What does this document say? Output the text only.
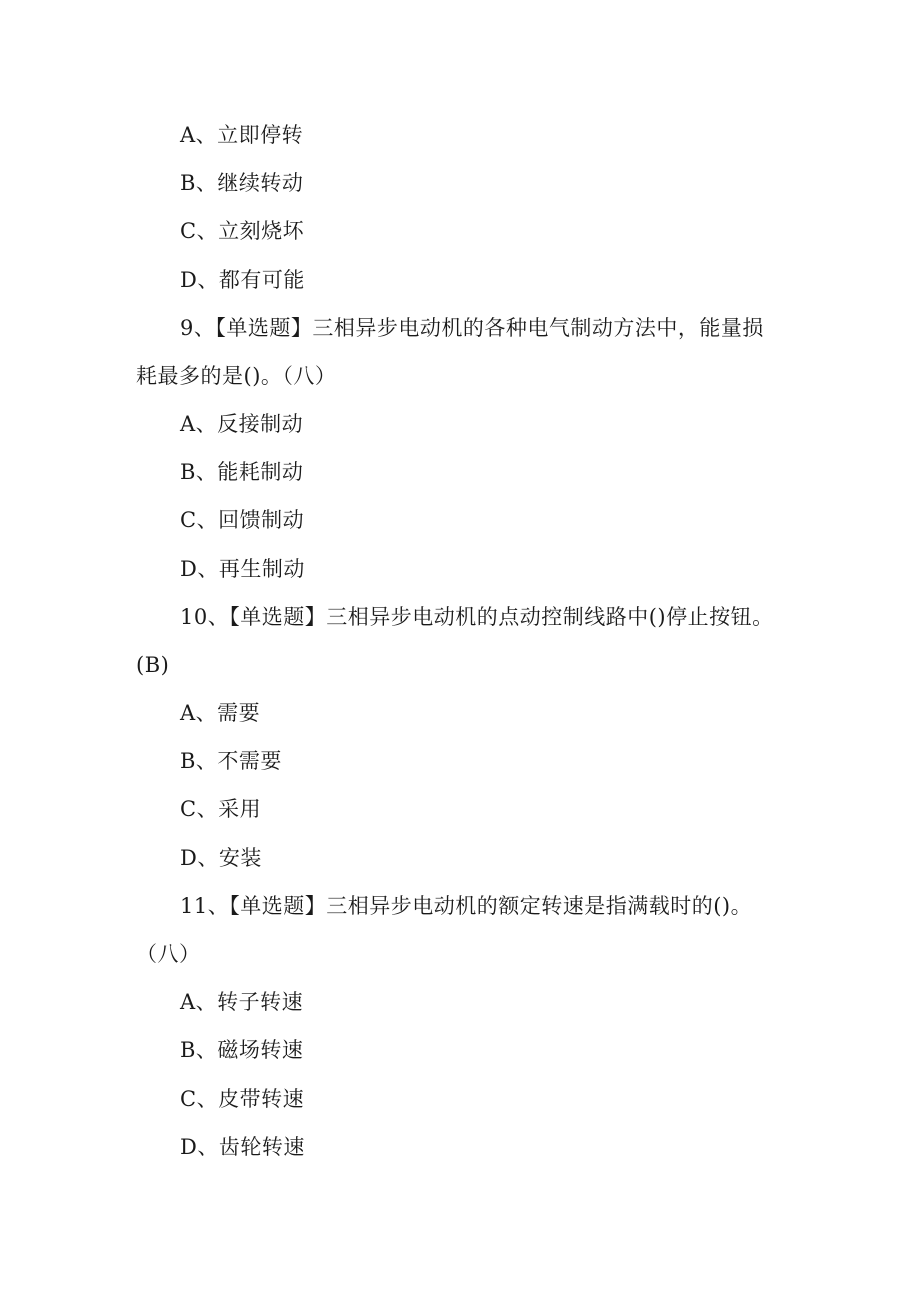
A、立即停转
B、继续转动
C、立刻烧坏
D、都有可能
9、【单选题】三相异步电动机的各种电气制动方法中，能量损
耗最多的是()。（八）
A、反接制动
B、能耗制动
C、回馈制动
D、再生制动
10、【单选题】三相异步电动机的点动控制线路中()停止按钮。
(B)
A、需要
B、不需要
C、采用
D、安装
11、【单选题】三相异步电动机的额定转速是指满载时的()。
（八）
A、转子转速
B、磁场转速
C、皮带转速
D、齿轮转速
